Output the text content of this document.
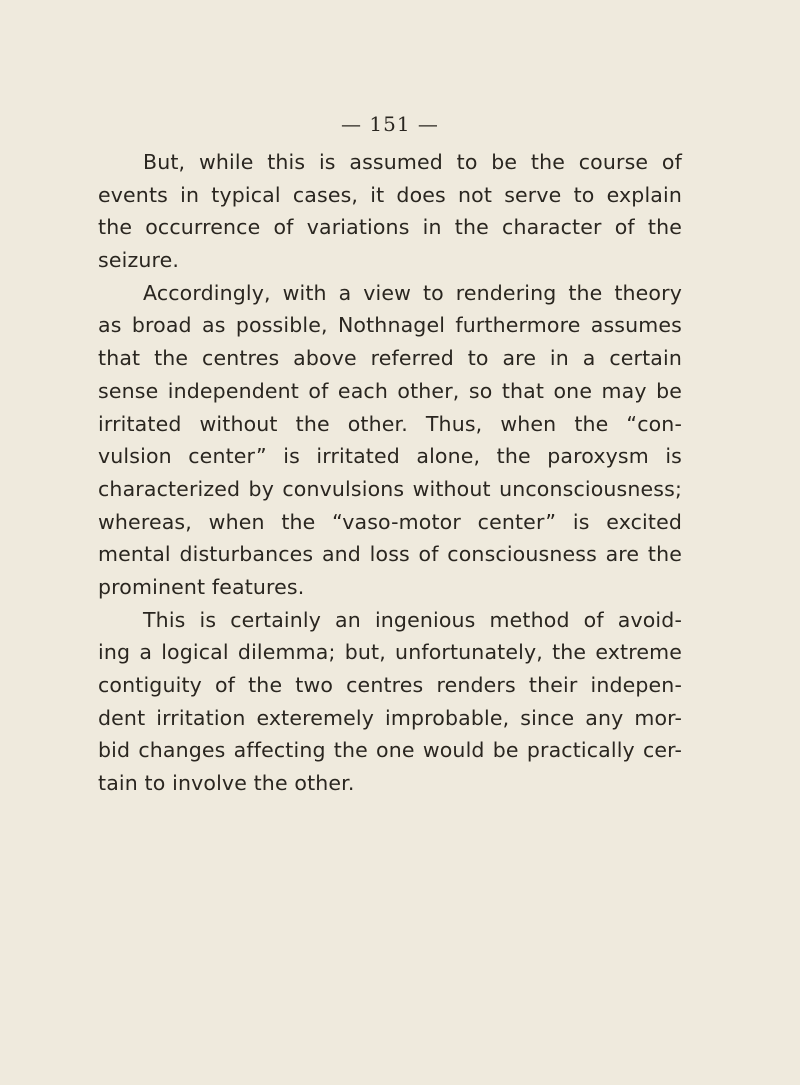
— 151 —
But, while this is assumed to be the course of
events in typical cases, it does not serve to explain
the occurrence of variations in the character of the
seizure.
Accordingly, with a view to rendering the theory
as broad as possible, Nothnagel furthermore assumes
that the centres above referred to are in a certain
sense independent of each other, so that one may be
irritated without the other. Thus, when the “con-
vulsion center” is irritated alone, the paroxysm is
characterized by convulsions without unconsciousness;
whereas, when the “vaso-motor center” is excited
mental disturbances and loss of consciousness are the
prominent features.
This is certainly an ingenious method of avoid-
ing a logical dilemma; but, unfortunately, the extreme
contiguity of the two centres renders their indepen-
dent irritation exteremely improbable, since any mor-
bid changes affecting the one would be practically cer-
tain to involve the other.
